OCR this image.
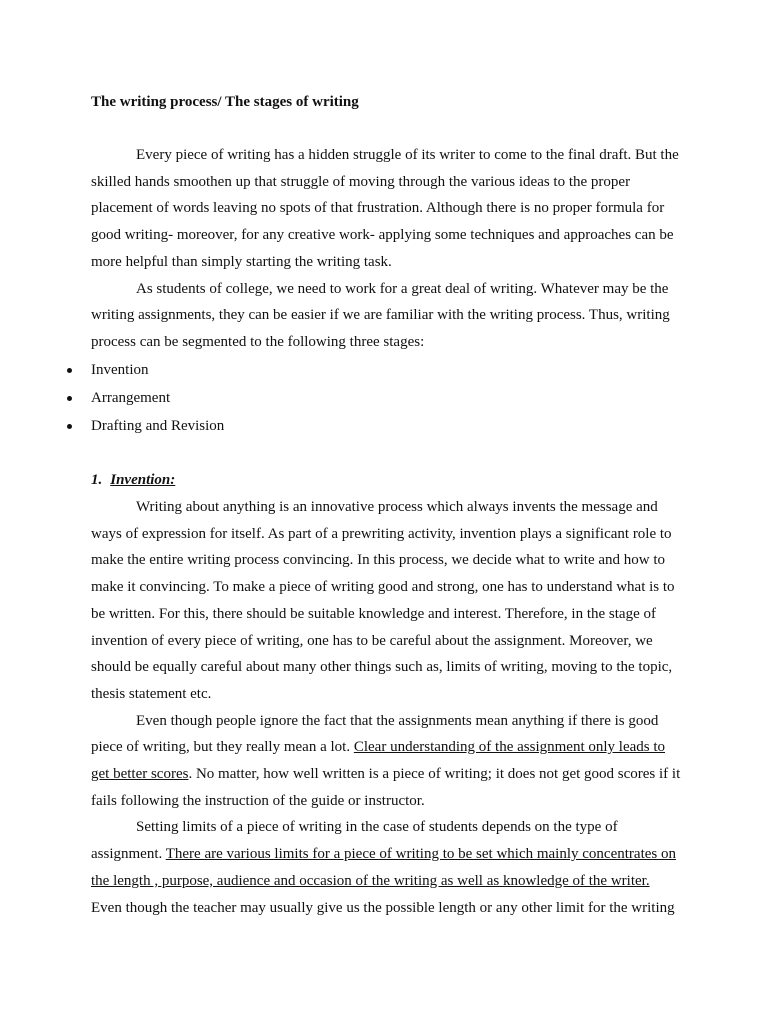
The writing process/ The stages of writing

Every piece of writing has a hidden struggle of its writer to come to the final draft. But the skilled hands smoothen up that struggle of moving through the various ideas to the proper placement of words leaving no spots of that frustration. Although there is no proper formula for good writing- moreover, for any creative work- applying some techniques and approaches can be more helpful than simply starting the writing task.

As students of college, we need to work for a great deal of writing. Whatever may be the writing assignments, they can be easier if we are familiar with the writing process. Thus, writing process can be segmented to the following three stages:

Invention
Arrangement
Drafting and Revision
1. Invention:

Writing about anything is an innovative process which always invents the message and ways of expression for itself. As part of a prewriting activity, invention plays a significant role to make the entire writing process convincing. In this process, we decide what to write and how to make it convincing. To make a piece of writing good and strong, one has to understand what is to be written. For this, there should be suitable knowledge and interest. Therefore, in the stage of invention of every piece of writing, one has to be careful about the assignment. Moreover, we should be equally careful about many other things such as, limits of writing, moving to the topic, thesis statement etc.

Even though people ignore the fact that the assignments mean anything if there is good piece of writing, but they really mean a lot. Clear understanding of the assignment only leads to get better scores. No matter, how well written is a piece of writing; it does not get good scores if it fails following the instruction of the guide or instructor.

Setting limits of a piece of writing in the case of students depends on the type of assignment. There are various limits for a piece of writing to be set which mainly concentrates on the length , purpose, audience and occasion of the writing as well as knowledge of the writer. Even though the teacher may usually give us the possible length or any other limit for the writing
